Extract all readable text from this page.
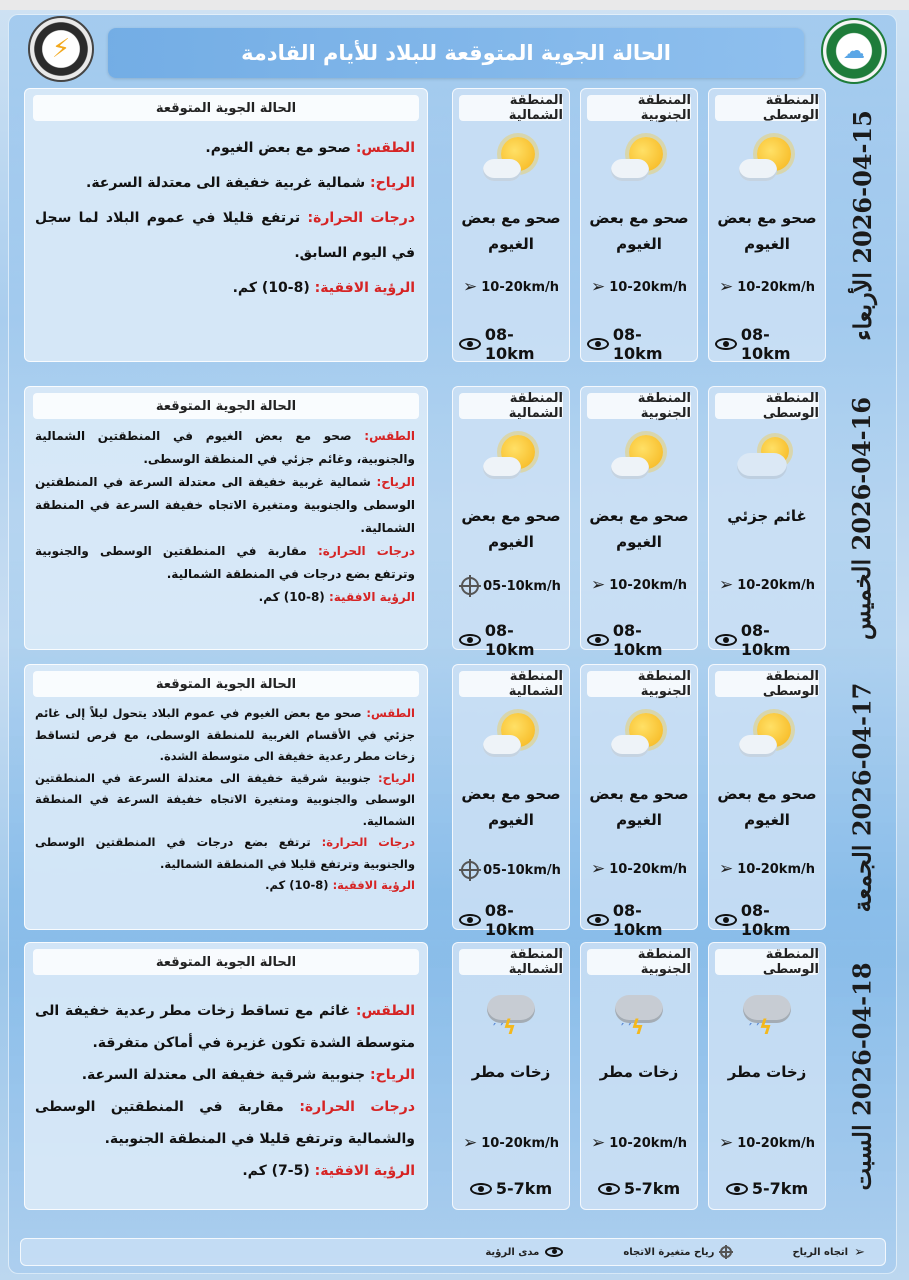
⚡	☁
الحالة الجوية المتوقعة للبلاد للأيام القادمة
2026-04-15 الأربعاء
المنطقة الوسطى
صحو مع بعض الغيوم
➢ 10-20km/h
08-10km
المنطقة الجنوبية
صحو مع بعض الغيوم
➢ 10-20km/h
08-10km
المنطقة الشمالية
صحو مع بعض الغيوم
➢ 10-20km/h
08-10km
الحالة الجوية المتوقعة
الطقس: صحو مع بعض الغيوم.
الرياح: شمالية غربية خفيفة الى معتدلة السرعة.
درجات الحرارة: ترتفع قليلا في عموم البلاد لما سجل في اليوم السابق.
الرؤية الافقية: (8-10) كم.
2026-04-16 الخميس
المنطقة الوسطى
غائم جزئي
➢ 10-20km/h
08-10km
المنطقة الجنوبية
صحو مع بعض الغيوم
➢ 10-20km/h
08-10km
المنطقة الشمالية
صحو مع بعض الغيوم
05-10km/h
08-10km
الحالة الجوية المتوقعة
الطقس: صحو مع بعض الغيوم في المنطقتين الشمالية والجنوبية، وغائم جزئي في المنطقة الوسطى.
الرياح: شمالية غربية خفيفة الى معتدلة السرعة في المنطقتين الوسطى والجنوبية ومتغيرة الاتجاه خفيفة السرعة في المنطقة الشمالية.
درجات الحرارة: مقاربة في المنطقتين الوسطى والجنوبية وترتفع بضع درجات في المنطقة الشمالية.
الرؤية الافقية: (8-10) كم.
2026-04-17 الجمعة
المنطقة الوسطى
صحو مع بعض الغيوم
➢ 10-20km/h
08-10km
المنطقة الجنوبية
صحو مع بعض الغيوم
➢ 10-20km/h
08-10km
المنطقة الشمالية
صحو مع بعض الغيوم
05-10km/h
08-10km
الحالة الجوية المتوقعة
الطقس: صحو مع بعض الغيوم في عموم البلاد يتحول ليلاً إلى غائم جزئي في الأقسام الغربية للمنطقة الوسطى، مع فرص لتساقط زخات مطر رعدية خفيفة الى متوسطة الشدة.
الرياح: جنوبية شرقية خفيفة الى معتدلة السرعة في المنطقتين الوسطى والجنوبية ومتغيرة الاتجاه خفيفة السرعة في المنطقة الشمالية.
درجات الحرارة: ترتفع بضع درجات في المنطقتين الوسطى والجنوبية وترتفع قليلا في المنطقة الشمالية.
الرؤية الافقية: (8-10) كم.
2026-04-18 السبت
المنطقة الوسطى
ϟ
′ ′
زخات مطر
➢ 10-20km/h
5-7km
المنطقة الجنوبية
ϟ
′ ′
زخات مطر
➢ 10-20km/h
5-7km
المنطقة الشمالية
ϟ
′ ′
زخات مطر
➢ 10-20km/h
5-7km
الحالة الجوية المتوقعة
الطقس: غائم مع تساقط زخات مطر رعدية خفيفة الى متوسطة الشدة تكون غزيرة في أماكن متفرقة.
الرياح: جنوبية شرقية خفيفة الى معتدلة السرعة.
درجات الحرارة: مقاربة في المنطقتين الوسطى والشمالية وترتفع قليلا في المنطقة الجنوبية.
الرؤية الافقية: (5-7) كم.
➢
اتجاه الرياح
رياح متغيرة الاتجاه
مدى الرؤية
